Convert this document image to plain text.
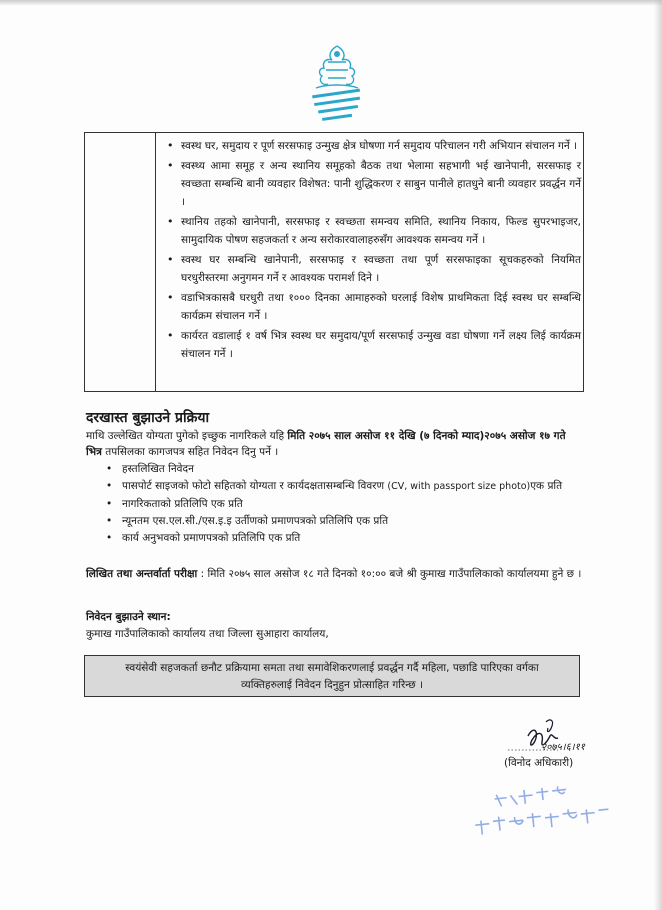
• स्वस्थ घर, समुदाय र पूर्ण सरसफाइ उन्मुख क्षेत्र घोषणा गर्न समुदाय परिचालन गरी अभियान संचालन गर्ने ।
• स्वस्थ्य आमा समूह र अन्य स्थानिय समूहको बैठक तथा भेलामा सहभागी भई खानेपानी, सरसफाइ र स्वच्छता सम्बन्धि बानी व्यवहार विशेषत: पानी शुद्धिकरण र साबुन पानीले हातधुने बानी व्यवहार प्रवर्द्धन गर्ने ।
• स्थानिय तहको खानेपानी, सरसफाइ र स्वच्छता समन्वय समिति, स्थानिय निकाय, फिल्ड सुपरभाइजर, सामुदायिक पोषण सहजकर्ता र अन्य सरोकारवालाहरुसँग आवश्यक समन्वय गर्ने ।
• स्वस्थ घर सम्बन्धि खानेपानी, सरसफाइ र स्वच्छता तथा पूर्ण सरसफाइका सूचकहरुको नियमित घरधुरीस्तरमा अनुगमन गर्ने र आवश्यक परामर्श दिने ।
• वडाभित्रकासबै घरधुरी तथा १००० दिनका आमाहरुको घरलाई विशेष प्राथमिकता दिई स्वस्थ घर सम्बन्धि कार्यक्रम संचालन गर्ने ।
• कार्यरत वडालाई १ वर्ष भित्र स्वस्थ घर समुदाय/पूर्ण सरसफाई उन्मुख वडा घोषणा गर्ने लक्ष्य लिई कार्यक्रम संचालन गर्ने ।
दरखास्त बुझाउने प्रक्रिया

माथि उल्लेखित योग्यता पुगेको इच्छुक नागरिकले यहि मिति २०७५ साल असोज ११ देखि (७ दिनको म्याद)२०७५ असोज १७ गते भित्र तपसिलका कागजपत्र सहित निवेदन दिनु पर्ने ।

• हस्तलिखित निवेदन
• पासपोर्ट साइजको फोटो सहितको योग्यता र कार्यदक्षतासम्बन्धि विवरण (CV, with passport size photo)एक प्रति
• नागरिकताको प्रतिलिपि एक प्रति
• न्यूनतम एस.एल.सी./एस.इ.इ उर्तीणको प्रमाणपत्रको प्रतिलिपि एक प्रति
• कार्य अनुभवको प्रमाणपत्रको प्रतिलिपि एक प्रति

लिखित तथा अन्तर्वार्ता परीक्षा : मिति २०७५ साल असोज १८ गते दिनको १०:०० बजे श्री कुमाख गाउँपालिकाको कार्यालयमा हुने छ ।

निवेदन बुझाउने स्थान:

कुमाख गाउँपालिकाको कार्यालय तथा जिल्ला सुआहारा कार्यालय,

स्वयंसेवी सहजकर्ता छनौट प्रक्रियामा समता तथा समावेशिकरणलाई प्रवर्द्धन गर्दै महिला, पछाडि पारिएका वर्गका व्यक्तिहरुलाई निवेदन दिनुहुन प्रोत्साहित गरिन्छ ।
२०७५।६।११

(विनोद अधिकारी)
